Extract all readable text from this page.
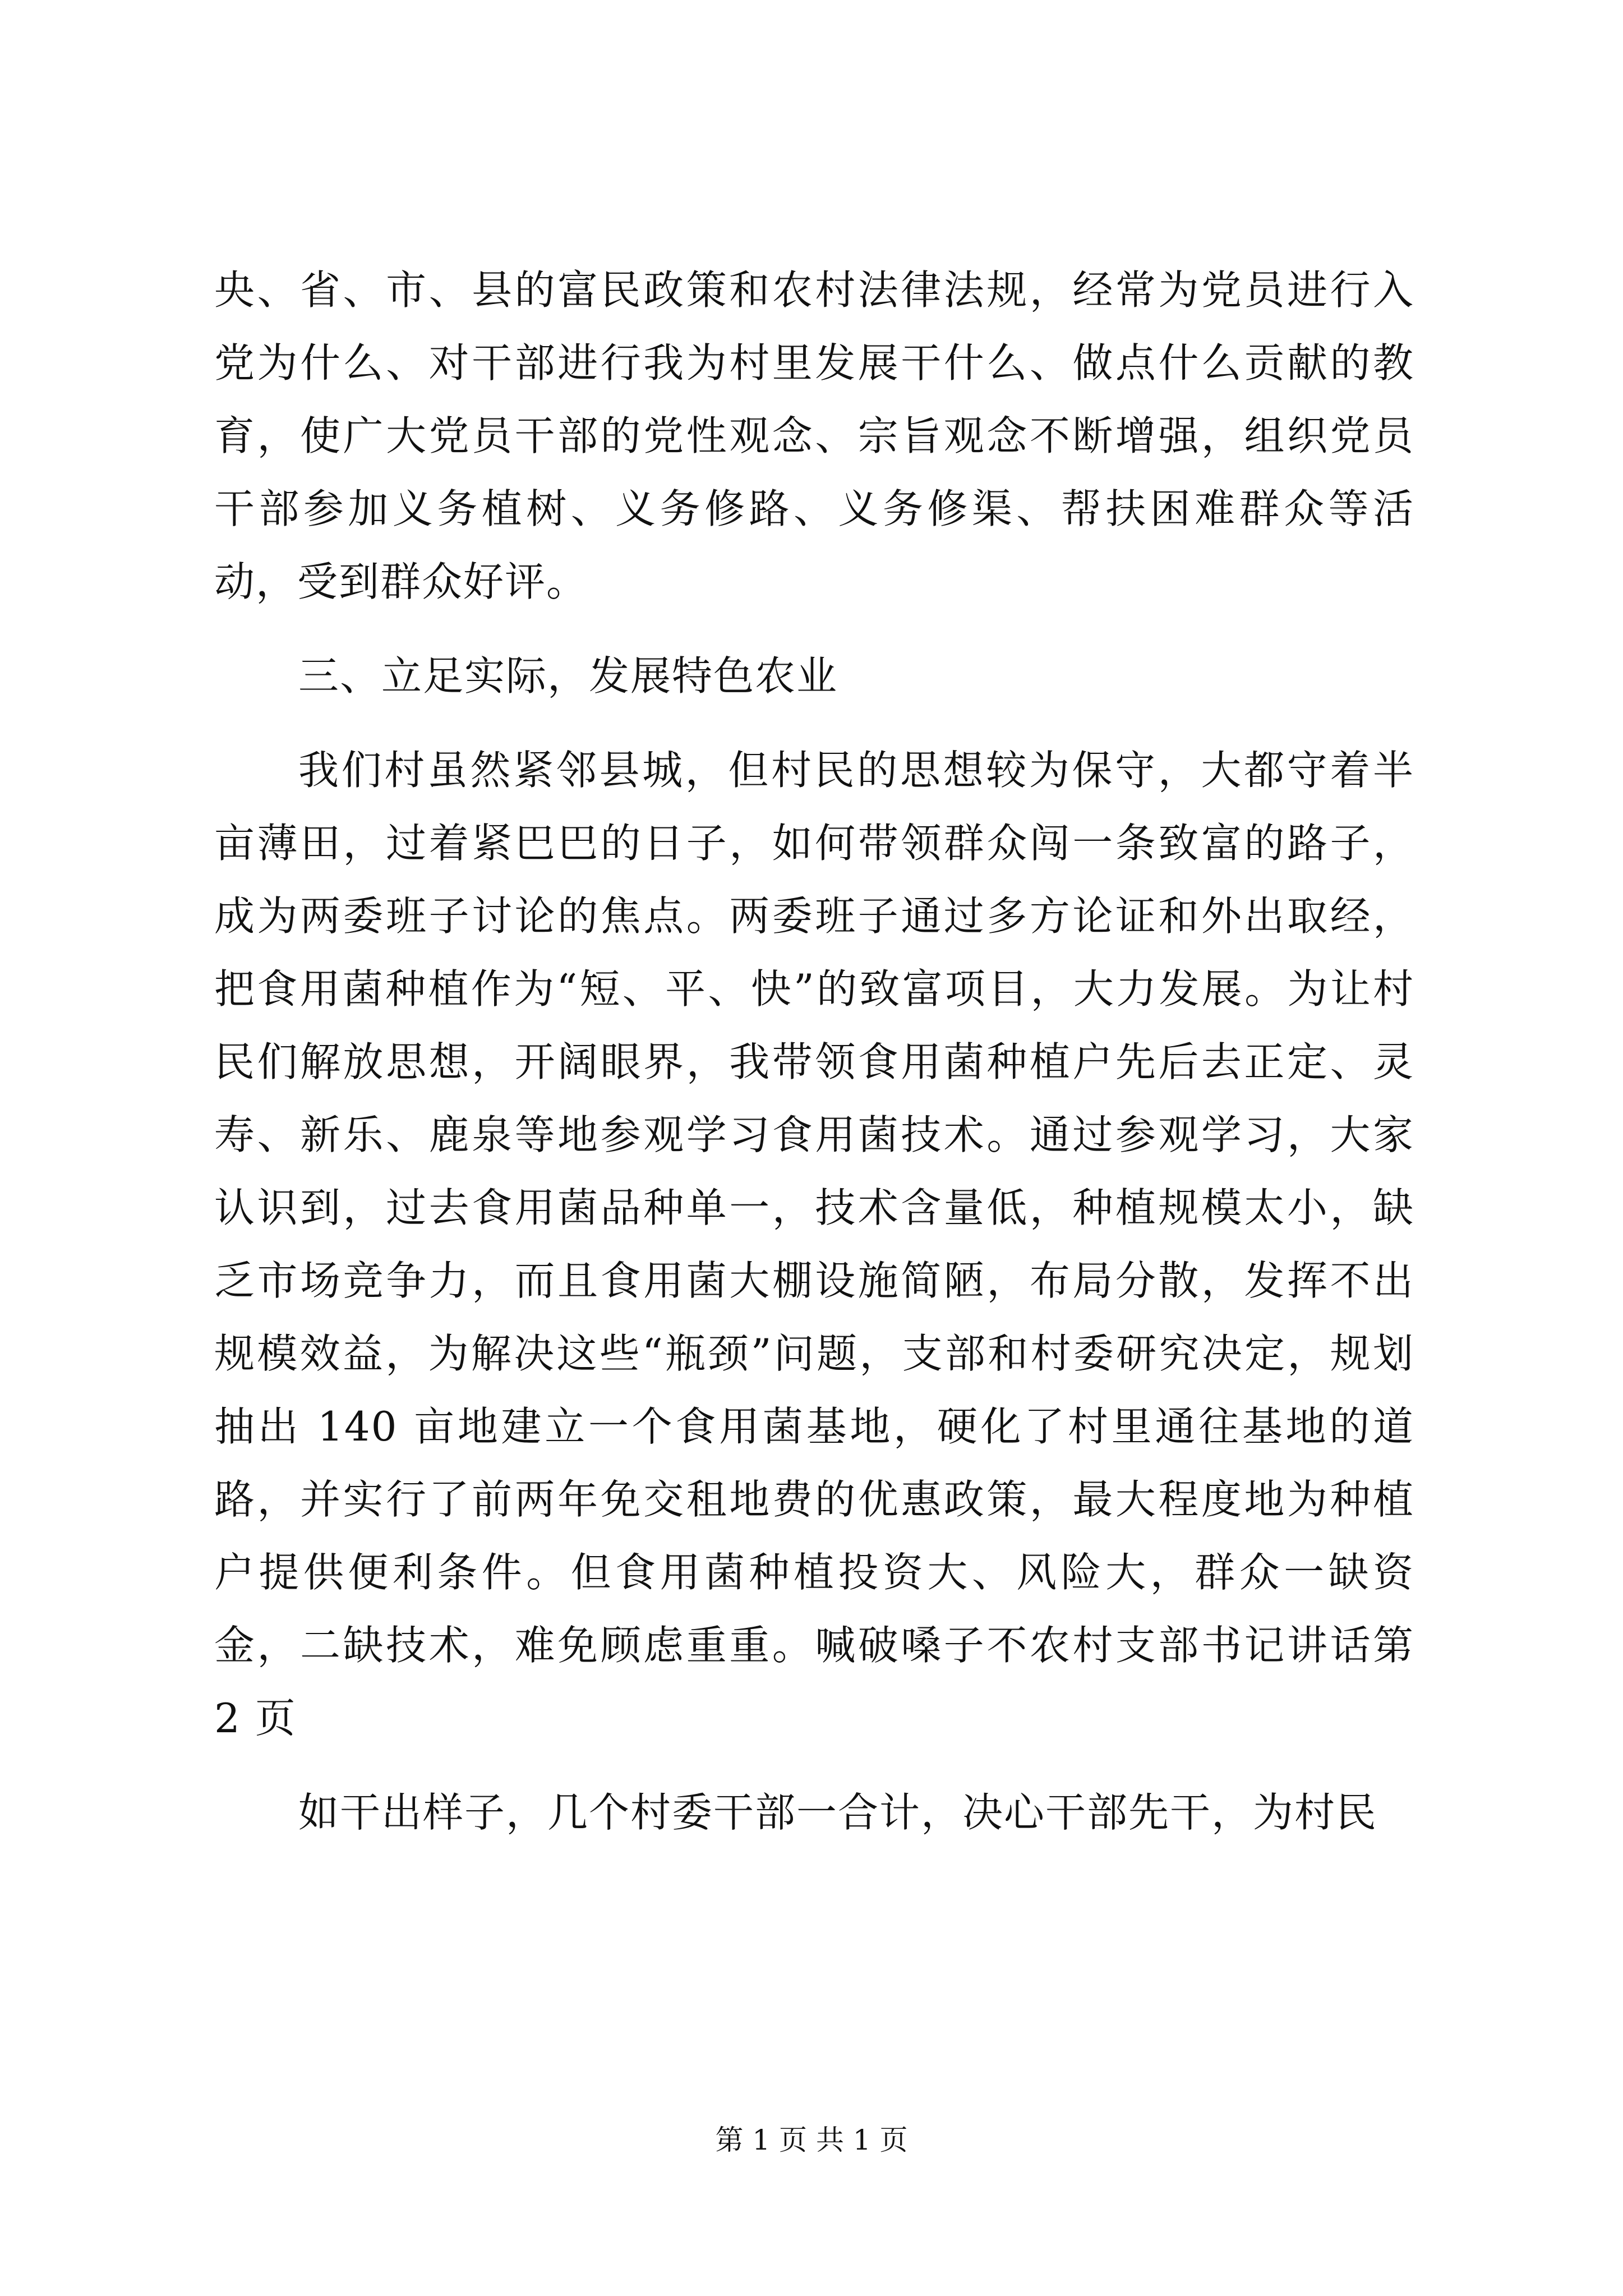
央、省、市、县的富民政策和农村法律法规，经常为党员进行入党为什么、对干部进行我为村里发展干什么、做点什么贡献的教育，使广大党员干部的党性观念、宗旨观念不断增强，组织党员干部参加义务植树、义务修路、义务修渠、帮扶困难群众等活动，受到群众好评。

三、立足实际，发展特色农业

我们村虽然紧邻县城，但村民的思想较为保守，大都守着半亩薄田，过着紧巴巴的日子，如何带领群众闯一条致富的路子，成为两委班子讨论的焦点。两委班子通过多方论证和外出取经，把食用菌种植作为“短、平、快”的致富项目，大力发展。为让村民们解放思想，开阔眼界，我带领食用菌种植户先后去正定、灵寿、新乐、鹿泉等地参观学习食用菌技术。通过参观学习，大家认识到，过去食用菌品种单一，技术含量低，种植规模太小，缺乏市场竞争力，而且食用菌大棚设施简陋，布局分散，发挥不出规模效益，为解决这些“瓶颈”问题，支部和村委研究决定，规划抽出 140 亩地建立一个食用菌基地，硬化了村里通往基地的道路，并实行了前两年免交租地费的优惠政策，最大程度地为种植户提供便利条件。但食用菌种植投资大、风险大，群众一缺资金，二缺技术，难免顾虑重重。喊破嗓子不农村支部书记讲话第 2 页

如干出样子，几个村委干部一合计，决心干部先干，为村民

第 1 页 共 1 页
